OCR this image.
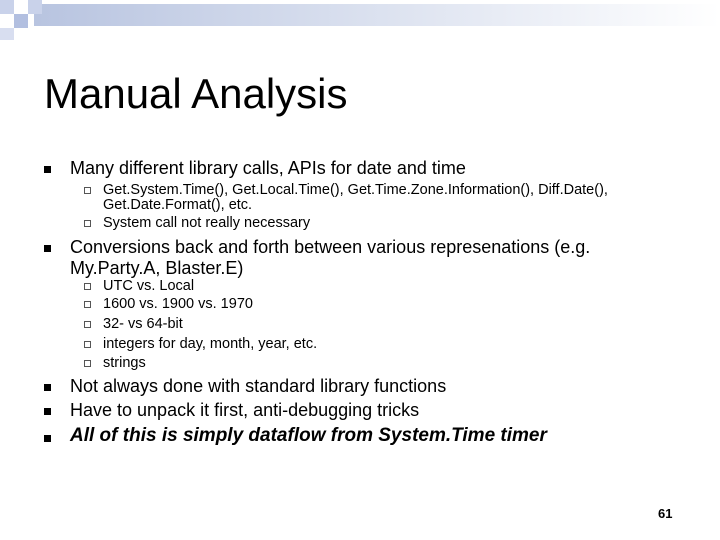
Manual Analysis
Many different library calls, APIs for date and time
Get.System.Time(), Get.Local.Time(), Get.Time.Zone.Information(), Diff.Date(),
Get.Date.Format(), etc.
System call not really necessary
Conversions back and forth between various represenations (e.g.
My.Party.A, Blaster.E)
UTC vs. Local
1600 vs. 1900 vs. 1970
32- vs 64-bit
integers for day, month, year, etc.
strings
Not always done with standard library functions
Have to unpack it first, anti-debugging tricks
All of this is simply dataflow from System.Time timer
61
